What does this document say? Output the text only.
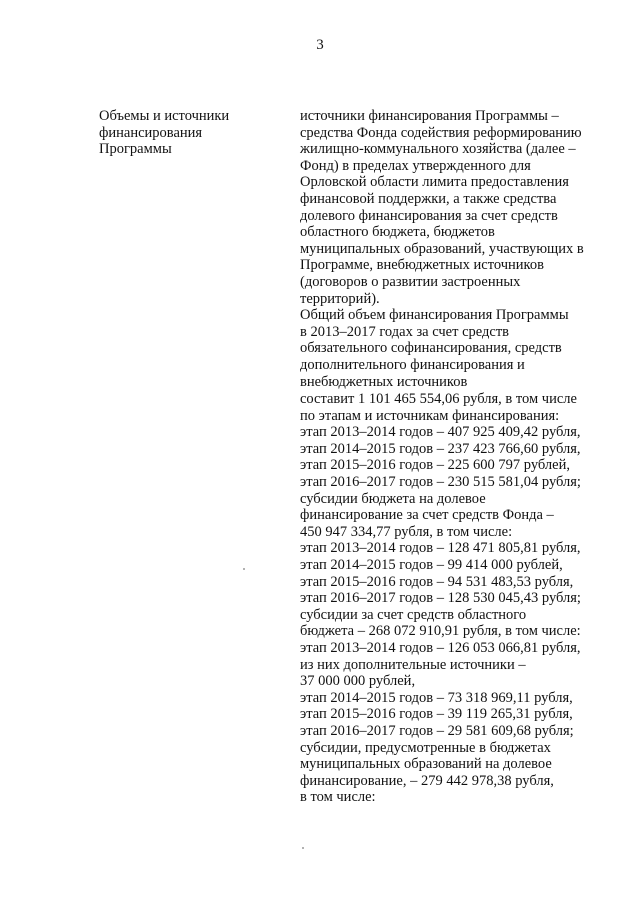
3
Объемы и источники
финансирования
Программы
источники финансирования Программы –
средства Фонда содействия реформированию
жилищно-коммунального хозяйства (далее –
Фонд) в пределах утвержденного для
Орловской области лимита предоставления
финансовой поддержки, а также средства
долевого финансирования за счет средств
областного бюджета, бюджетов
муниципальных образований, участвующих в
Программе, внебюджетных источников
(договоров о развитии застроенных
территорий).
Общий объем финансирования Программы
в 2013–2017 годах за счет средств
обязательного софинансирования, средств
дополнительного финансирования и
внебюджетных источников
составит 1 101 465 554,06 рубля, в том числе
по этапам и источникам финансирования:
этап 2013–2014 годов – 407 925 409,42 рубля,
этап 2014–2015 годов – 237 423 766,60 рубля,
этап 2015–2016 годов – 225 600 797 рублей,
этап 2016–2017 годов – 230 515 581,04 рубля;
субсидии бюджета на долевое
финансирование за счет средств Фонда –
450 947 334,77 рубля, в том числе:
этап 2013–2014 годов – 128 471 805,81 рубля,
этап 2014–2015 годов – 99 414 000 рублей,
этап 2015–2016 годов – 94 531 483,53 рубля,
этап 2016–2017 годов – 128 530 045,43 рубля;
субсидии за счет средств областного
бюджета – 268 072 910,91 рубля, в том числе:
этап 2013–2014 годов – 126 053 066,81 рубля,
из них дополнительные источники –
37 000 000 рублей,
этап 2014–2015 годов – 73 318 969,11 рубля,
этап 2015–2016 годов – 39 119 265,31 рубля,
этап 2016–2017 годов – 29 581 609,68 рубля;
субсидии, предусмотренные в бюджетах
муниципальных образований на долевое
финансирование, – 279 442 978,38 рубля,
в том числе:
